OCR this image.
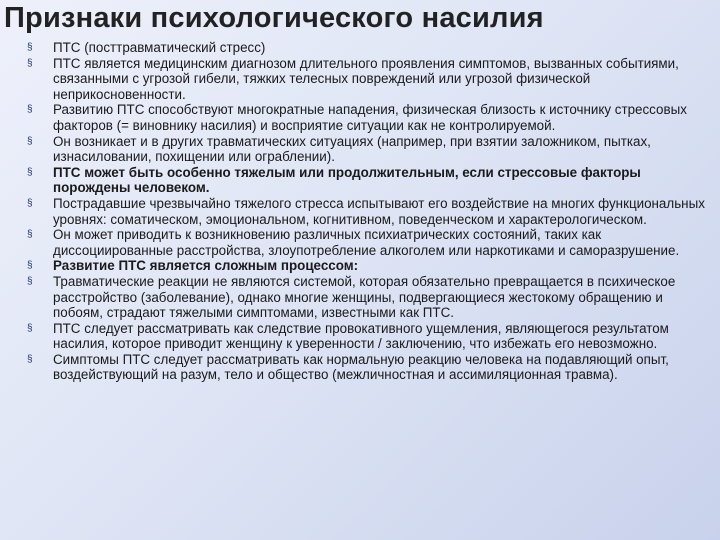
Признаки психологического насилия
§ ПТС (посттравматический стресс)
§ ПТС является медицинским диагнозом длительного проявления симптомов, вызванных событиями, связанными с угрозой гибели, тяжких телесных повреждений или угрозой физической неприкосновенности.
§ Развитию ПТС способствуют многократные нападения, физическая близость к источнику стрессовых факторов (= виновнику насилия) и восприятие ситуации как не контролируемой.
§ Он возникает и в других травматических ситуациях (например, при взятии заложником, пытках, изнасиловании, похищении или ограблении).
§ ПТС может быть особенно тяжелым или продолжительным, если стрессовые факторы порождены человеком.
§ Пострадавшие чрезвычайно тяжелого стресса испытывают его воздействие на многих функциональных уровнях: соматическом, эмоциональном, когнитивном, поведенческом и характерологическом.
§ Он может приводить к возникновению различных психиатрических состояний, таких как диссоциированные расстройства, злоупотребление алкоголем или наркотиками и саморазрушение.
§ Развитие ПТС является сложным процессом:
§ Травматические реакции не являются системой, которая обязательно превращается в психическое расстройство (заболевание), однако многие женщины, подвергающиеся жестокому обращению и побоям, страдают тяжелыми симптомами, известными как ПТС.
§ ПТС следует рассматривать как следствие провокативного ущемления, являющегося результатом насилия, которое приводит женщину к уверенности / заключению, что избежать его невозможно.
§ Симптомы ПТС следует рассматривать как нормальную реакцию человека на подавляющий опыт, воздействующий на разум, тело и общество (межличностная и ассимиляционная травма).
